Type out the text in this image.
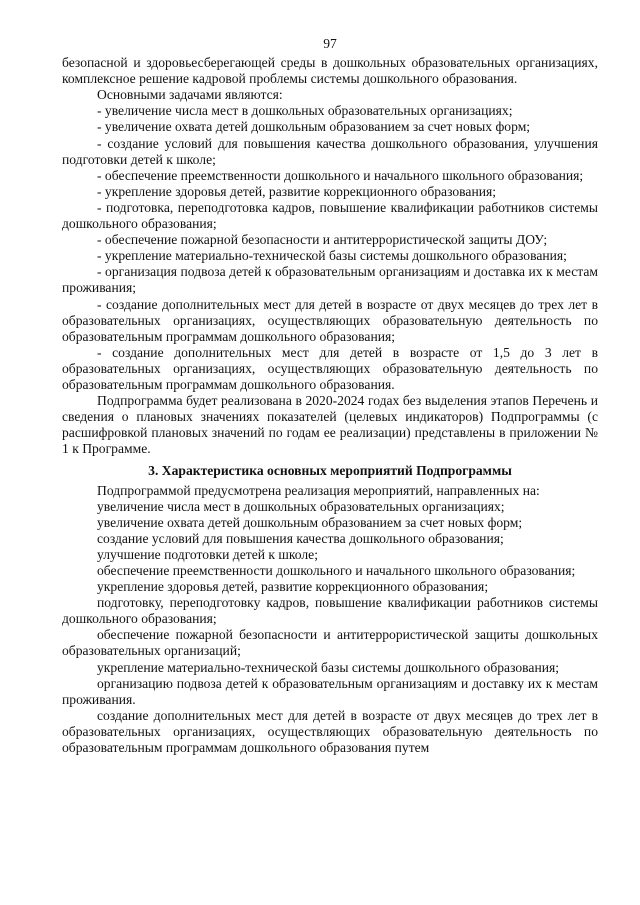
97

безопасной и здоровьесберегающей среды в дошкольных образовательных организациях, комплексное решение кадровой проблемы системы дошкольного образования.

Основными задачами являются:

- увеличение числа мест в дошкольных образовательных организациях;

- увеличение охвата детей дошкольным образованием за счет новых форм;

- создание условий для повышения качества дошкольного образования, улучшения подготовки детей к школе;

- обеспечение преемственности дошкольного и начального школьного образования;

- укрепление здоровья детей, развитие коррекционного образования;

- подготовка, переподготовка кадров, повышение квалификации работников системы дошкольного образования;

- обеспечение пожарной безопасности и антитеррористической защиты ДОУ;

- укрепление материально-технической базы системы дошкольного образования;

- организация подвоза детей к образовательным организациям и доставка их к местам проживания;

- создание дополнительных мест для детей в возрасте от двух месяцев до трех лет в образовательных организациях, осуществляющих образовательную деятельность по образовательным программам дошкольного образования;

- создание дополнительных мест для детей в возрасте от 1,5 до 3 лет в образовательных организациях, осуществляющих образовательную деятельность по образовательным программам дошкольного образования.

Подпрограмма будет реализована в 2020-2024 годах без выделения этапов Перечень и сведения о плановых значениях показателей (целевых индикаторов) Подпрограммы (с расшифровкой плановых значений по годам ее реализации) представлены в приложении № 1 к Программе.

3. Характеристика основных мероприятий Подпрограммы

Подпрограммой предусмотрена реализация мероприятий, направленных на:

увеличение числа мест в дошкольных образовательных организациях;

увеличение охвата детей дошкольным образованием за счет новых форм;

создание условий для повышения качества дошкольного образования;

улучшение подготовки детей к школе;

обеспечение преемственности дошкольного и начального школьного образования;

укрепление здоровья детей, развитие коррекционного образования;

подготовку, переподготовку кадров, повышение квалификации работников системы дошкольного образования;

обеспечение пожарной безопасности и антитеррористической защиты дошкольных образовательных организаций;

укрепление материально-технической базы системы дошкольного образования;

организацию подвоза детей к образовательным организациям и доставку их к местам проживания.

создание дополнительных мест для детей в возрасте от двух месяцев до трех лет в образовательных организациях, осуществляющих образовательную деятельность по образовательным программам дошкольного образования путем
